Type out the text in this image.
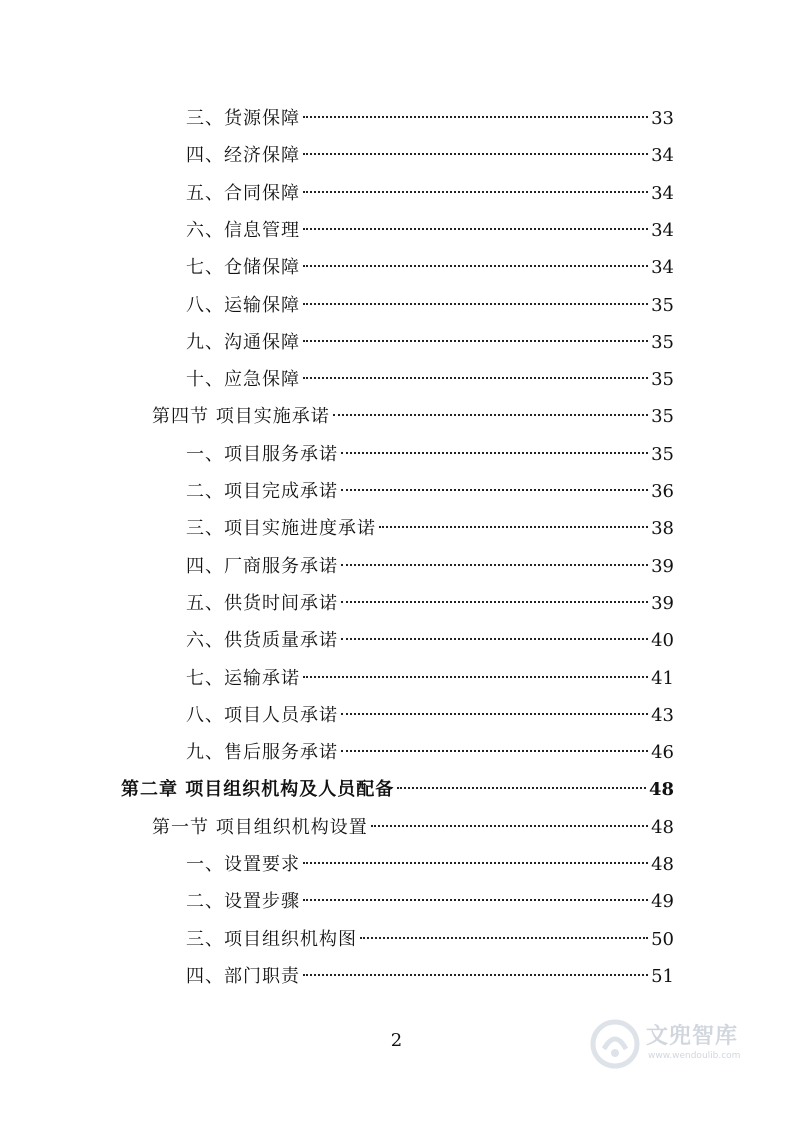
三、货源保障	33
四、经济保障	34
五、合同保障	34
六、信息管理	34
七、仓储保障	34
八、运输保障	35
九、沟通保障	35
十、应急保障	35
第四节 项目实施承诺	35
一、项目服务承诺	35
二、项目完成承诺	36
三、项目实施进度承诺	38
四、厂商服务承诺	39
五、供货时间承诺	39
六、供货质量承诺	40
七、运输承诺	41
八、项目人员承诺	43
九、售后服务承诺	46
第二章 项目组织机构及人员配备	48
第一节 项目组织机构设置	48
一、设置要求	48
二、设置步骤	49
三、项目组织机构图	50
四、部门职责	51
2	文兜智库
www.wendoulib.com
